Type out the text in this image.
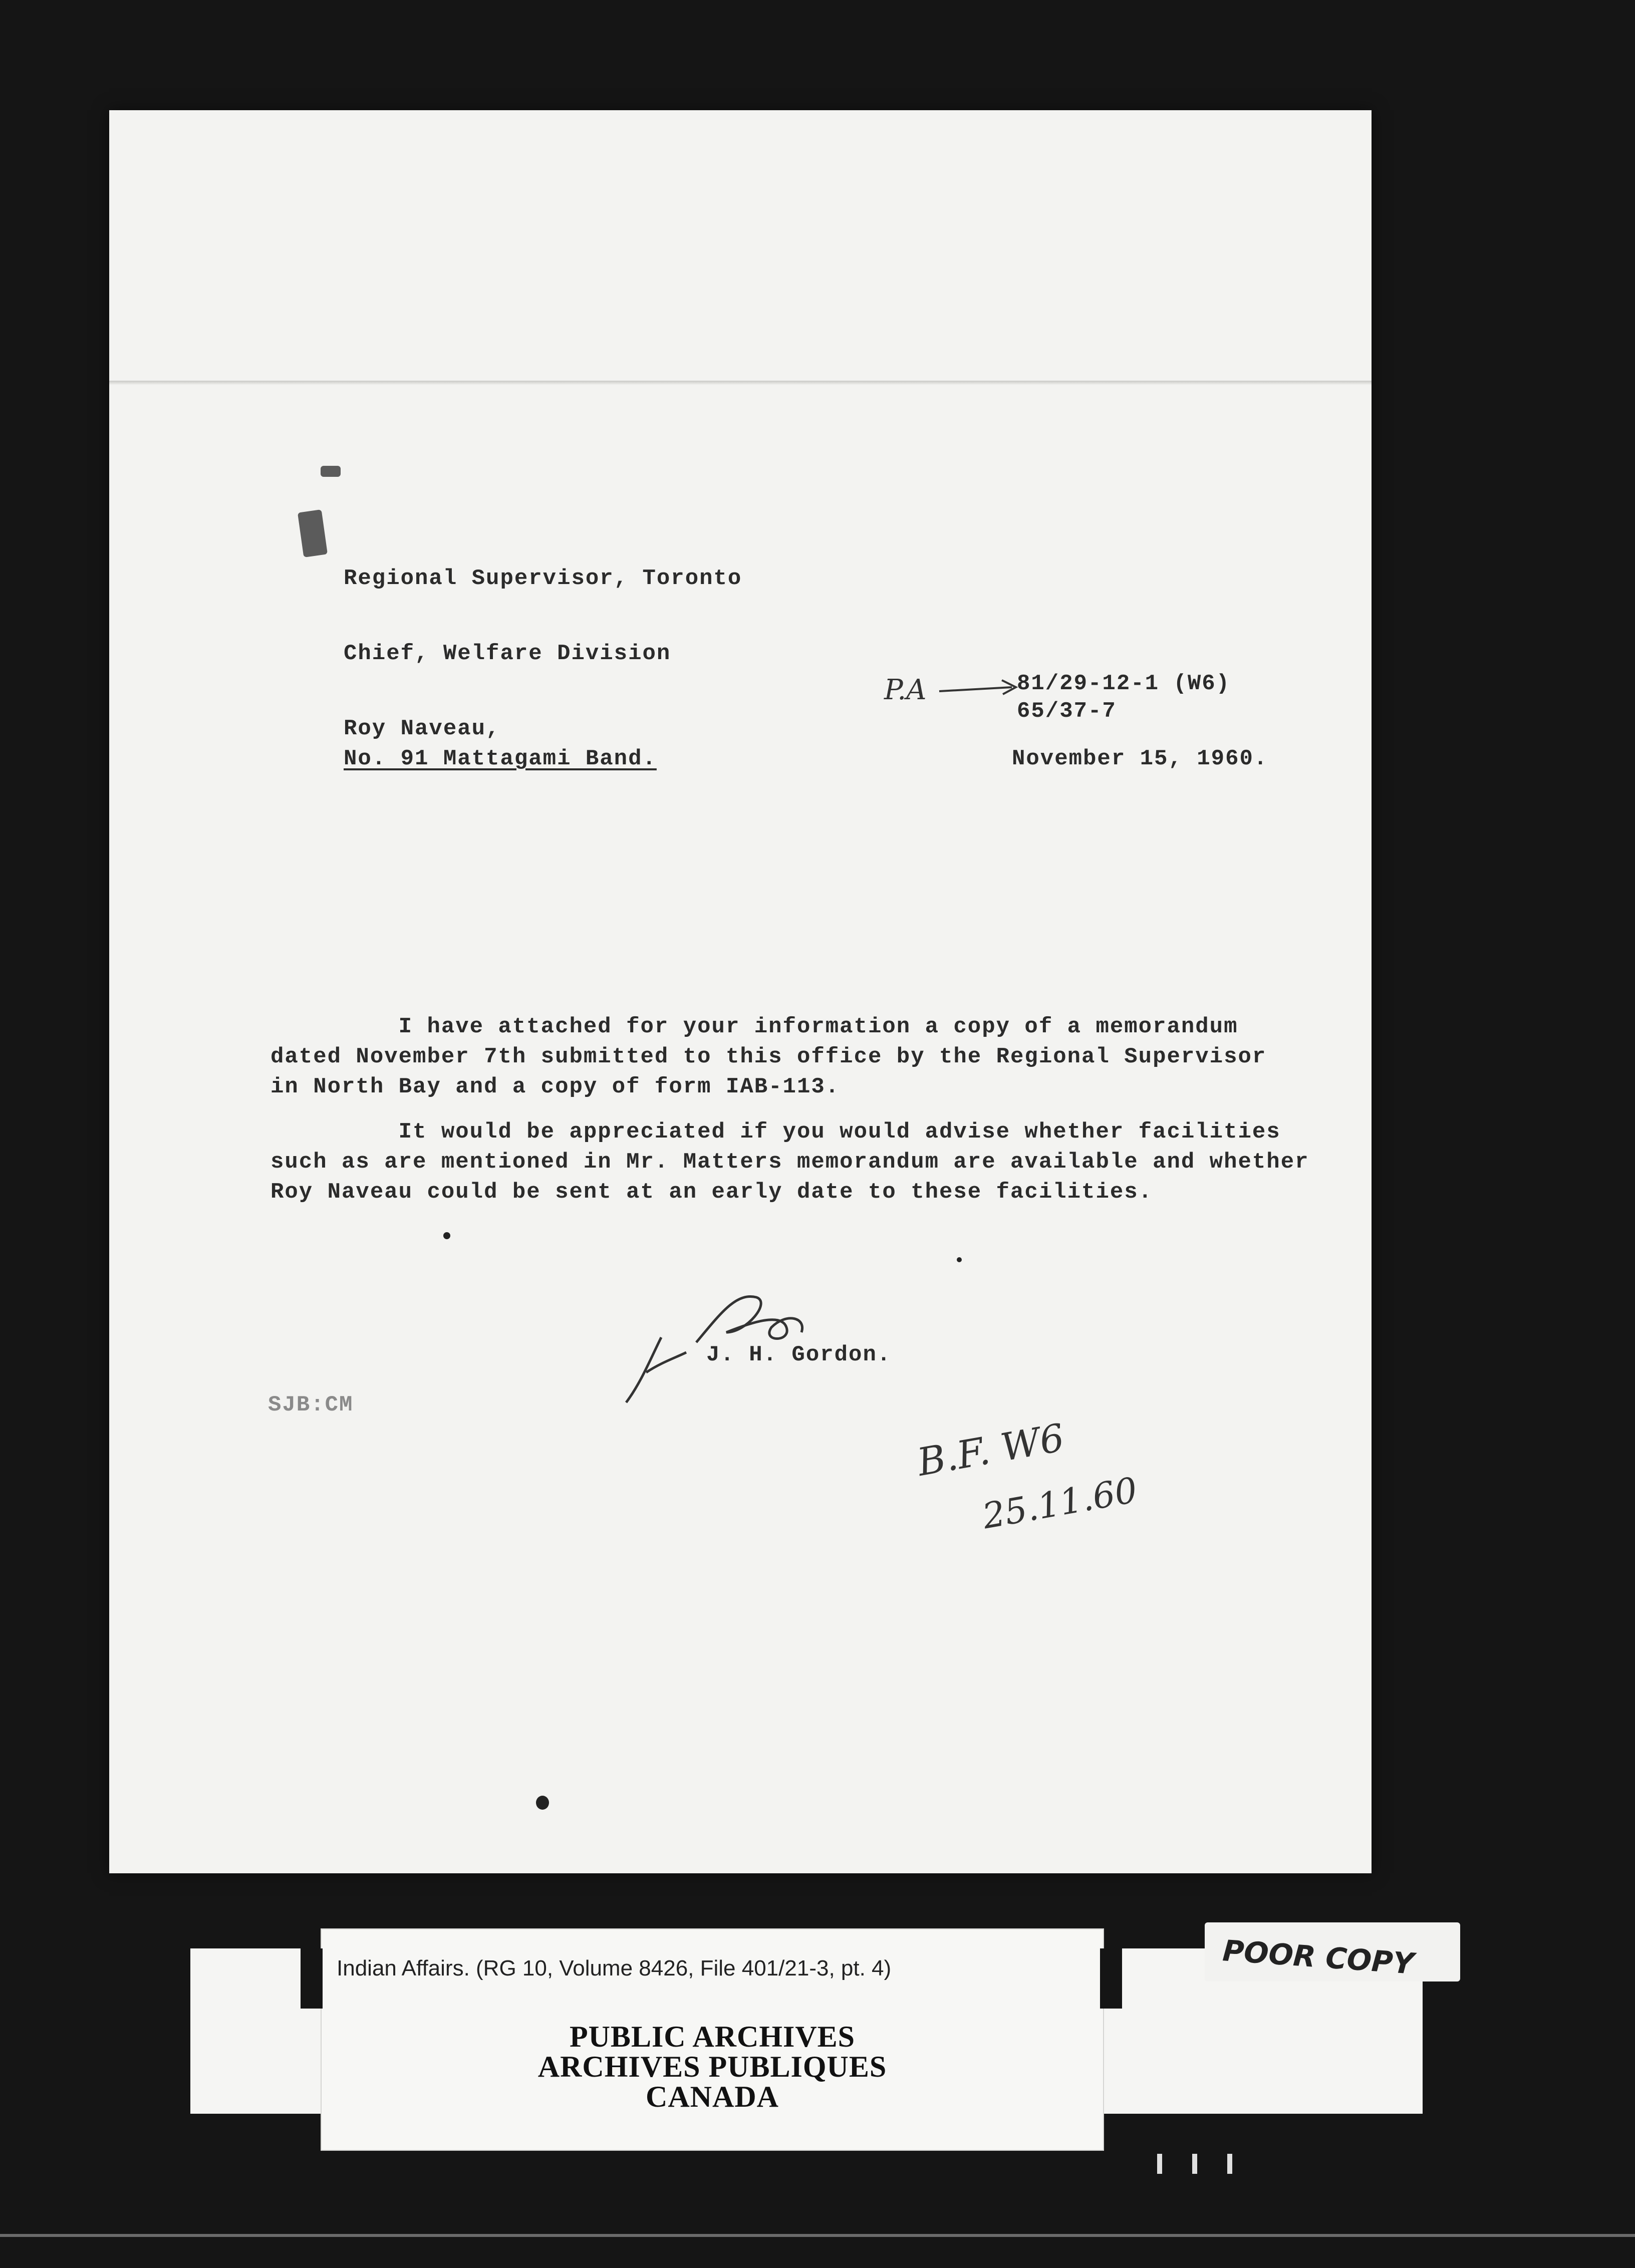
Regional Supervisor, Toronto
Chief, Welfare Division
Roy Naveau,
No. 91 Mattagami Band.
P.A	81/29-12-1 (W6)
65/37-7
November 15, 1960.
I have attached for your information a copy of a memorandum
dated November 7th submitted to this office by the Regional Supervisor
in North Bay and a copy of form IAB-113.
It would be appreciated if you would advise whether facilities
such as are mentioned in Mr. Matters memorandum are available and whether
Roy Naveau could be sent at an early date to these facilities.
J. H. Gordon.
SJB:CM
B.F. W6
25.11.60
PUBLIC ARCHIVES
ARCHIVES PUBLIQUES
CANADA
Indian Affairs. (RG 10, Volume 8426, File 401/21-3, pt. 4)	POOR COPY
